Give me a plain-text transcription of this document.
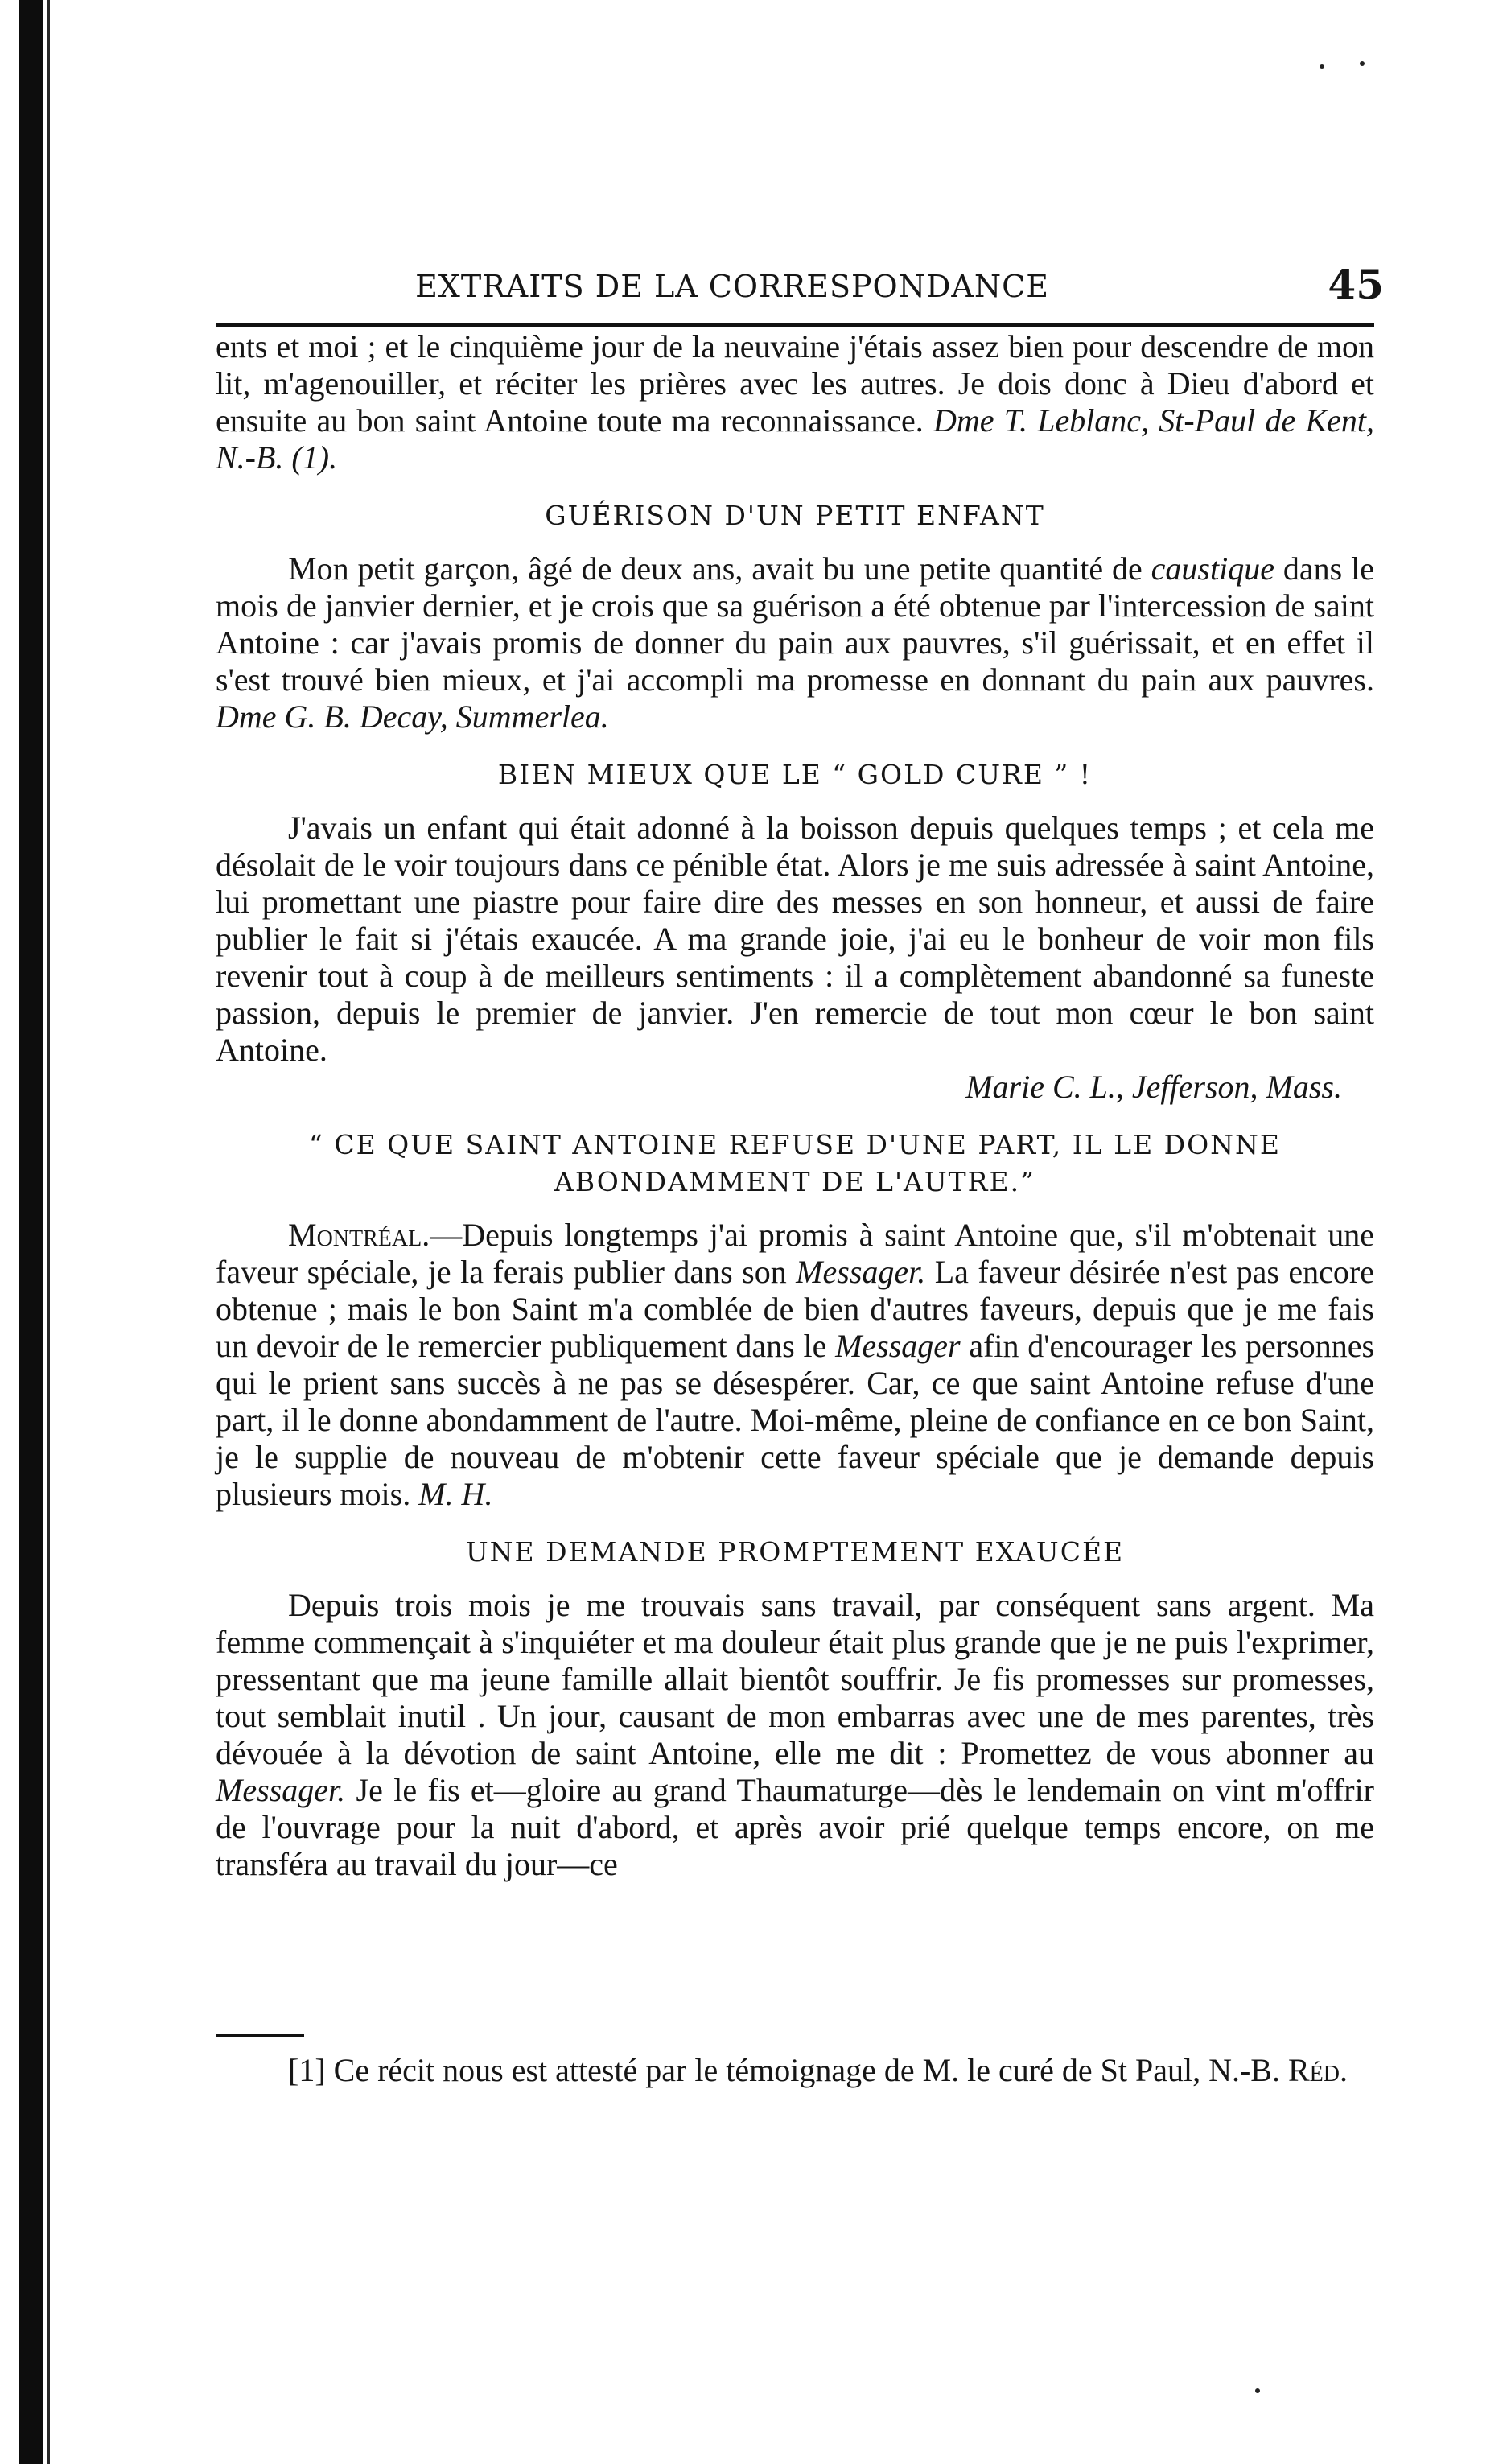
EXTRAITS DE LA CORRESPONDANCE	45

ents et moi ; et le cinquième jour de la neuvaine j'étais assez bien pour descendre de mon lit, m'agenouiller, et réciter les prières avec les autres. Je dois donc à Dieu d'abord et ensuite au bon saint Antoine toute ma reconnaissance. Dme T. Leblanc, St-Paul de Kent, N.-B. (1).

GUÉRISON D'UN PETIT ENFANT

Mon petit garçon, âgé de deux ans, avait bu une petite quantité de caustique dans le mois de janvier dernier, et je crois que sa guérison a été obtenue par l'intercession de saint Antoine : car j'avais promis de donner du pain aux pauvres, s'il guérissait, et en effet il s'est trouvé bien mieux, et j'ai accompli ma promesse en donnant du pain aux pauvres. Dme G. B. Decay, Summerlea.

BIEN MIEUX QUE LE “ GOLD CURE ” !

J'avais un enfant qui était adonné à la boisson depuis quelques temps ; et cela me désolait de le voir toujours dans ce pénible état. Alors je me suis adressée à saint Antoine, lui promettant une piastre pour faire dire des messes en son honneur, et aussi de faire publier le fait si j'étais exaucée. A ma grande joie, j'ai eu le bonheur de voir mon fils revenir tout à coup à de meilleurs sentiments : il a complètement abandonné sa funeste passion, depuis le premier de janvier. J'en remercie de tout mon cœur le bon saint Antoine.

Marie C. L., Jefferson, Mass.

“ CE QUE SAINT ANTOINE REFUSE D'UNE PART, IL LE DONNE ABONDAMMENT DE L'AUTRE.”

Montréal.—Depuis longtemps j'ai promis à saint Antoine que, s'il m'obtenait une faveur spéciale, je la ferais publier dans son Messager. La faveur désirée n'est pas encore obtenue ; mais le bon Saint m'a comblée de bien d'autres faveurs, depuis que je me fais un devoir de le remercier publiquement dans le Messager afin d'encourager les personnes qui le prient sans succès à ne pas se désespérer. Car, ce que saint Antoine refuse d'une part, il le donne abondamment de l'autre. Moi-même, pleine de confiance en ce bon Saint, je le supplie de nouveau de m'obtenir cette faveur spéciale que je demande depuis plusieurs mois. M. H.

UNE DEMANDE PROMPTEMENT EXAUCÉE

Depuis trois mois je me trouvais sans travail, par conséquent sans argent. Ma femme commençait à s'inquiéter et ma douleur était plus grande que je ne puis l'exprimer, pressentant que ma jeune famille allait bientôt souffrir. Je fis promesses sur promesses, tout semblait inutil . Un jour, causant de mon embarras avec une de mes parentes, très dévouée à la dévotion de saint Antoine, elle me dit : Promettez de vous abonner au Messager. Je le fis et—gloire au grand Thaumaturge—dès le lendemain on vint m'offrir de l'ouvrage pour la nuit d'abord, et après avoir prié quelque temps encore, on me transféra au travail du jour—ce

[1] Ce récit nous est attesté par le témoignage de M. le curé de St Paul, N.-B. Réd.
